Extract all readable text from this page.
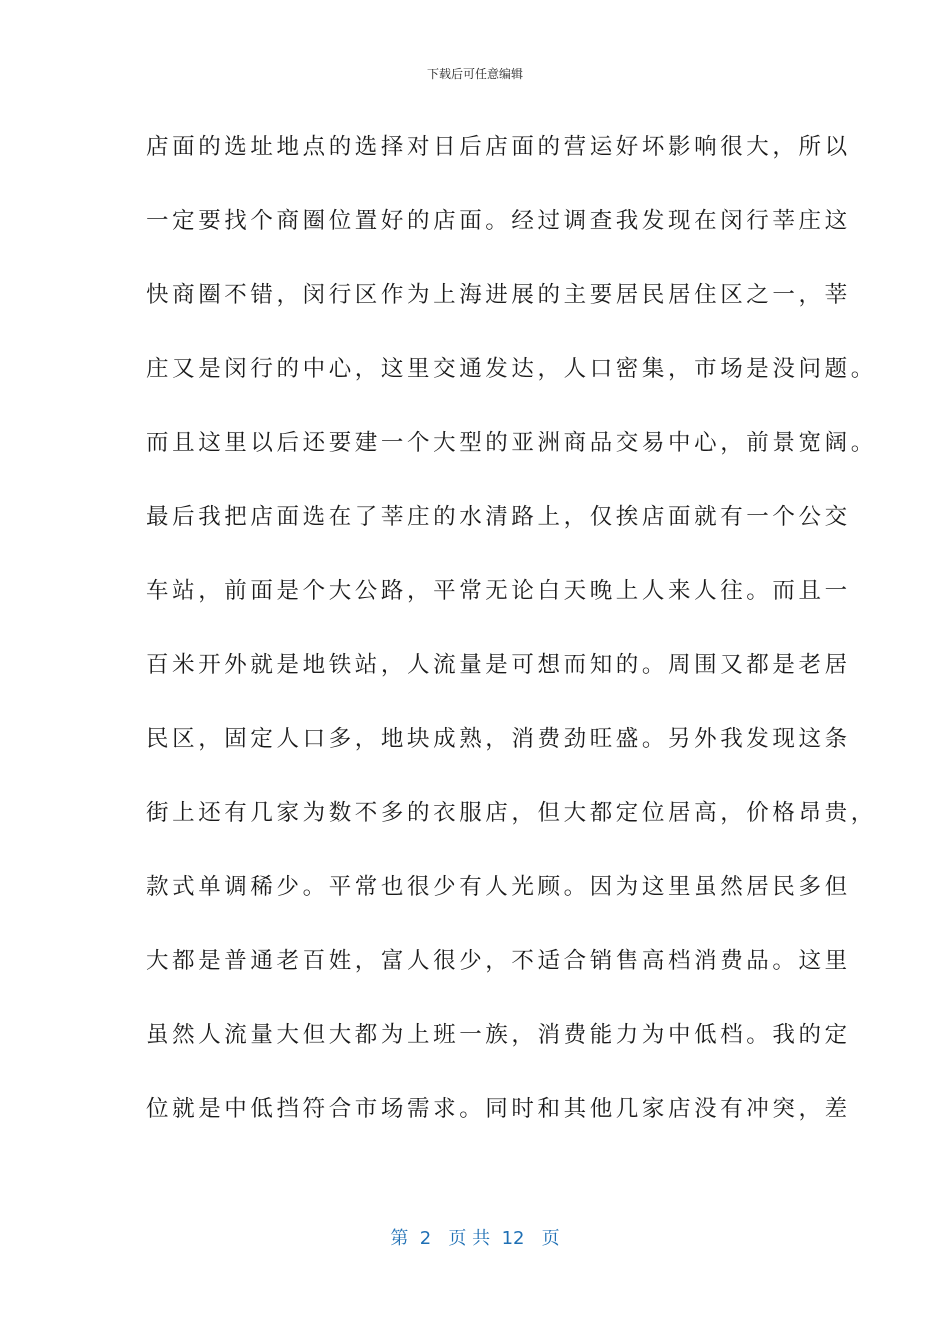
下载后可任意编辑
店面的选址地点的选择对日后店面的营运好坏影响很大，所以
一定要找个商圈位置好的店面。经过调查我发现在闵行莘庄这
快商圈不错，闵行区作为上海进展的主要居民居住区之一，莘
庄又是闵行的中心，这里交通发达，人口密集，市场是没问题。
而且这里以后还要建一个大型的亚洲商品交易中心，前景宽阔。
最后我把店面选在了莘庄的水清路上，仅挨店面就有一个公交
车站，前面是个大公路，平常无论白天晚上人来人往。而且一
百米开外就是地铁站，人流量是可想而知的。周围又都是老居
民区，固定人口多，地块成熟，消费劲旺盛。另外我发现这条
街上还有几家为数不多的衣服店，但大都定位居高，价格昂贵，
款式单调稀少。平常也很少有人光顾。因为这里虽然居民多但
大都是普通老百姓，富人很少，不适合销售高档消费品。这里
虽然人流量大但大都为上班一族，消费能力为中低档。我的定
位就是中低挡符合市场需求。同时和其他几家店没有冲突，差
第  2   页 共  12   页
